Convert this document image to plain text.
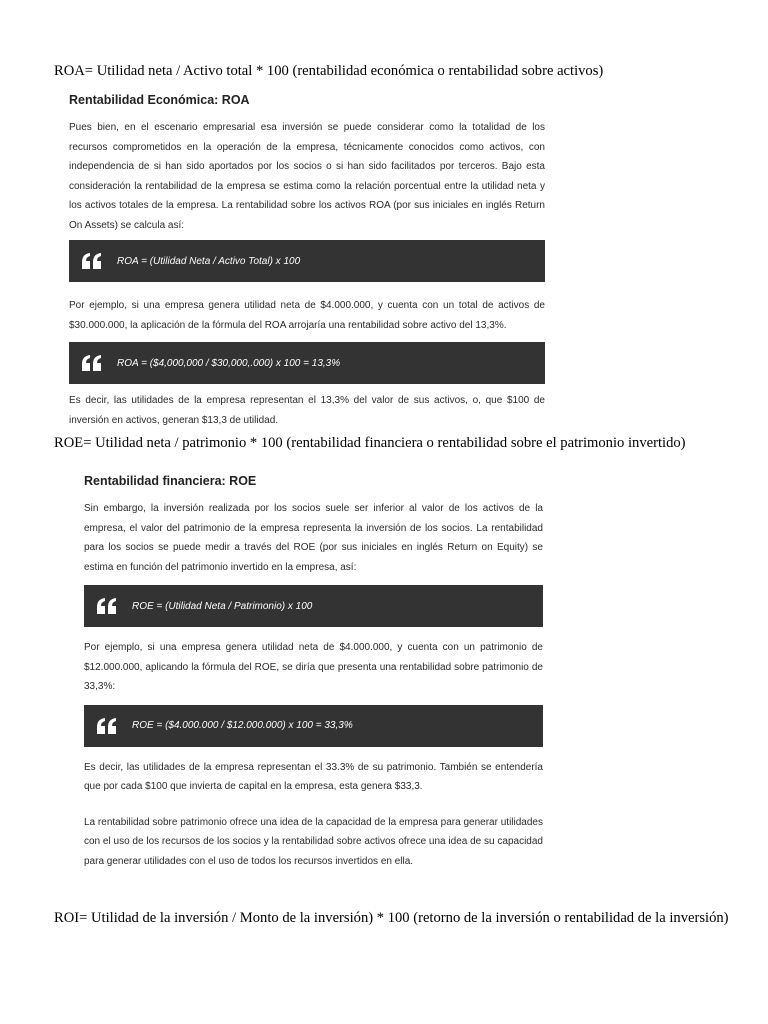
ROA= Utilidad neta / Activo total * 100 (rentabilidad económica o rentabilidad sobre activos)
Rentabilidad Económica: ROA

Pues bien, en el escenario empresarial esa inversión se puede considerar como la totalidad de los recursos comprometidos en la operación de la empresa, técnicamente conocidos como activos, con independencia de si han sido aportados por los socios o si han sido facilitados por terceros. Bajo esta consideración la rentabilidad de la empresa se estima como la relación porcentual entre la utilidad neta y los activos totales de la empresa. La rentabilidad sobre los activos ROA (por sus iniciales en inglés Return On Assets) se calcula así:

ROA = (Utilidad Neta / Activo Total) x 100

Por ejemplo, si una empresa genera utilidad neta de $4.000.000, y cuenta con un total de activos de $30.000.000, la aplicación de la fórmula del ROA arrojaría una rentabilidad sobre activo del 13,3%.

ROA = ($4,000,000 / $30,000,.000) x 100 = 13,3%

Es decir, las utilidades de la empresa representan el 13,3% del valor de sus activos, o, que $100 de inversión en activos, generan $13,3 de utilidad.

ROE= Utilidad neta / patrimonio * 100 (rentabilidad financiera o rentabilidad sobre el patrimonio invertido)
Rentabilidad financiera: ROE

Sin embargo, la inversión realizada por los socios suele ser inferior al valor de los activos de la empresa, el valor del patrimonio de la empresa representa la inversión de los socios. La rentabilidad para los socios se puede medir a través del ROE (por sus iniciales en inglés Return on Equity) se estima en función del patrimonio invertido en la empresa, así:

ROE = (Utilidad Neta / Patrimonio) x 100

Por ejemplo, si una empresa genera utilidad neta de $4.000.000, y cuenta con un patrimonio de $12.000.000, aplicando la fórmula del ROE, se diría que presenta una rentabilidad sobre patrimonio de 33,3%:

ROE = ($4.000.000 / $12.000.000) x 100 = 33,3%

Es decir, las utilidades de la empresa representan el 33.3% de su patrimonio. También se entendería que por cada $100 que invierta de capital en la empresa, esta genera $33,3.

La rentabilidad sobre patrimonio ofrece una idea de la capacidad de la empresa para generar utilidades con el uso de los recursos de los socios y la rentabilidad sobre activos ofrece una idea de su capacidad para generar utilidades con el uso de todos los recursos invertidos en ella.

ROI= Utilidad de la inversión / Monto de la inversión) * 100 (retorno de la inversión o rentabilidad de la inversión)
